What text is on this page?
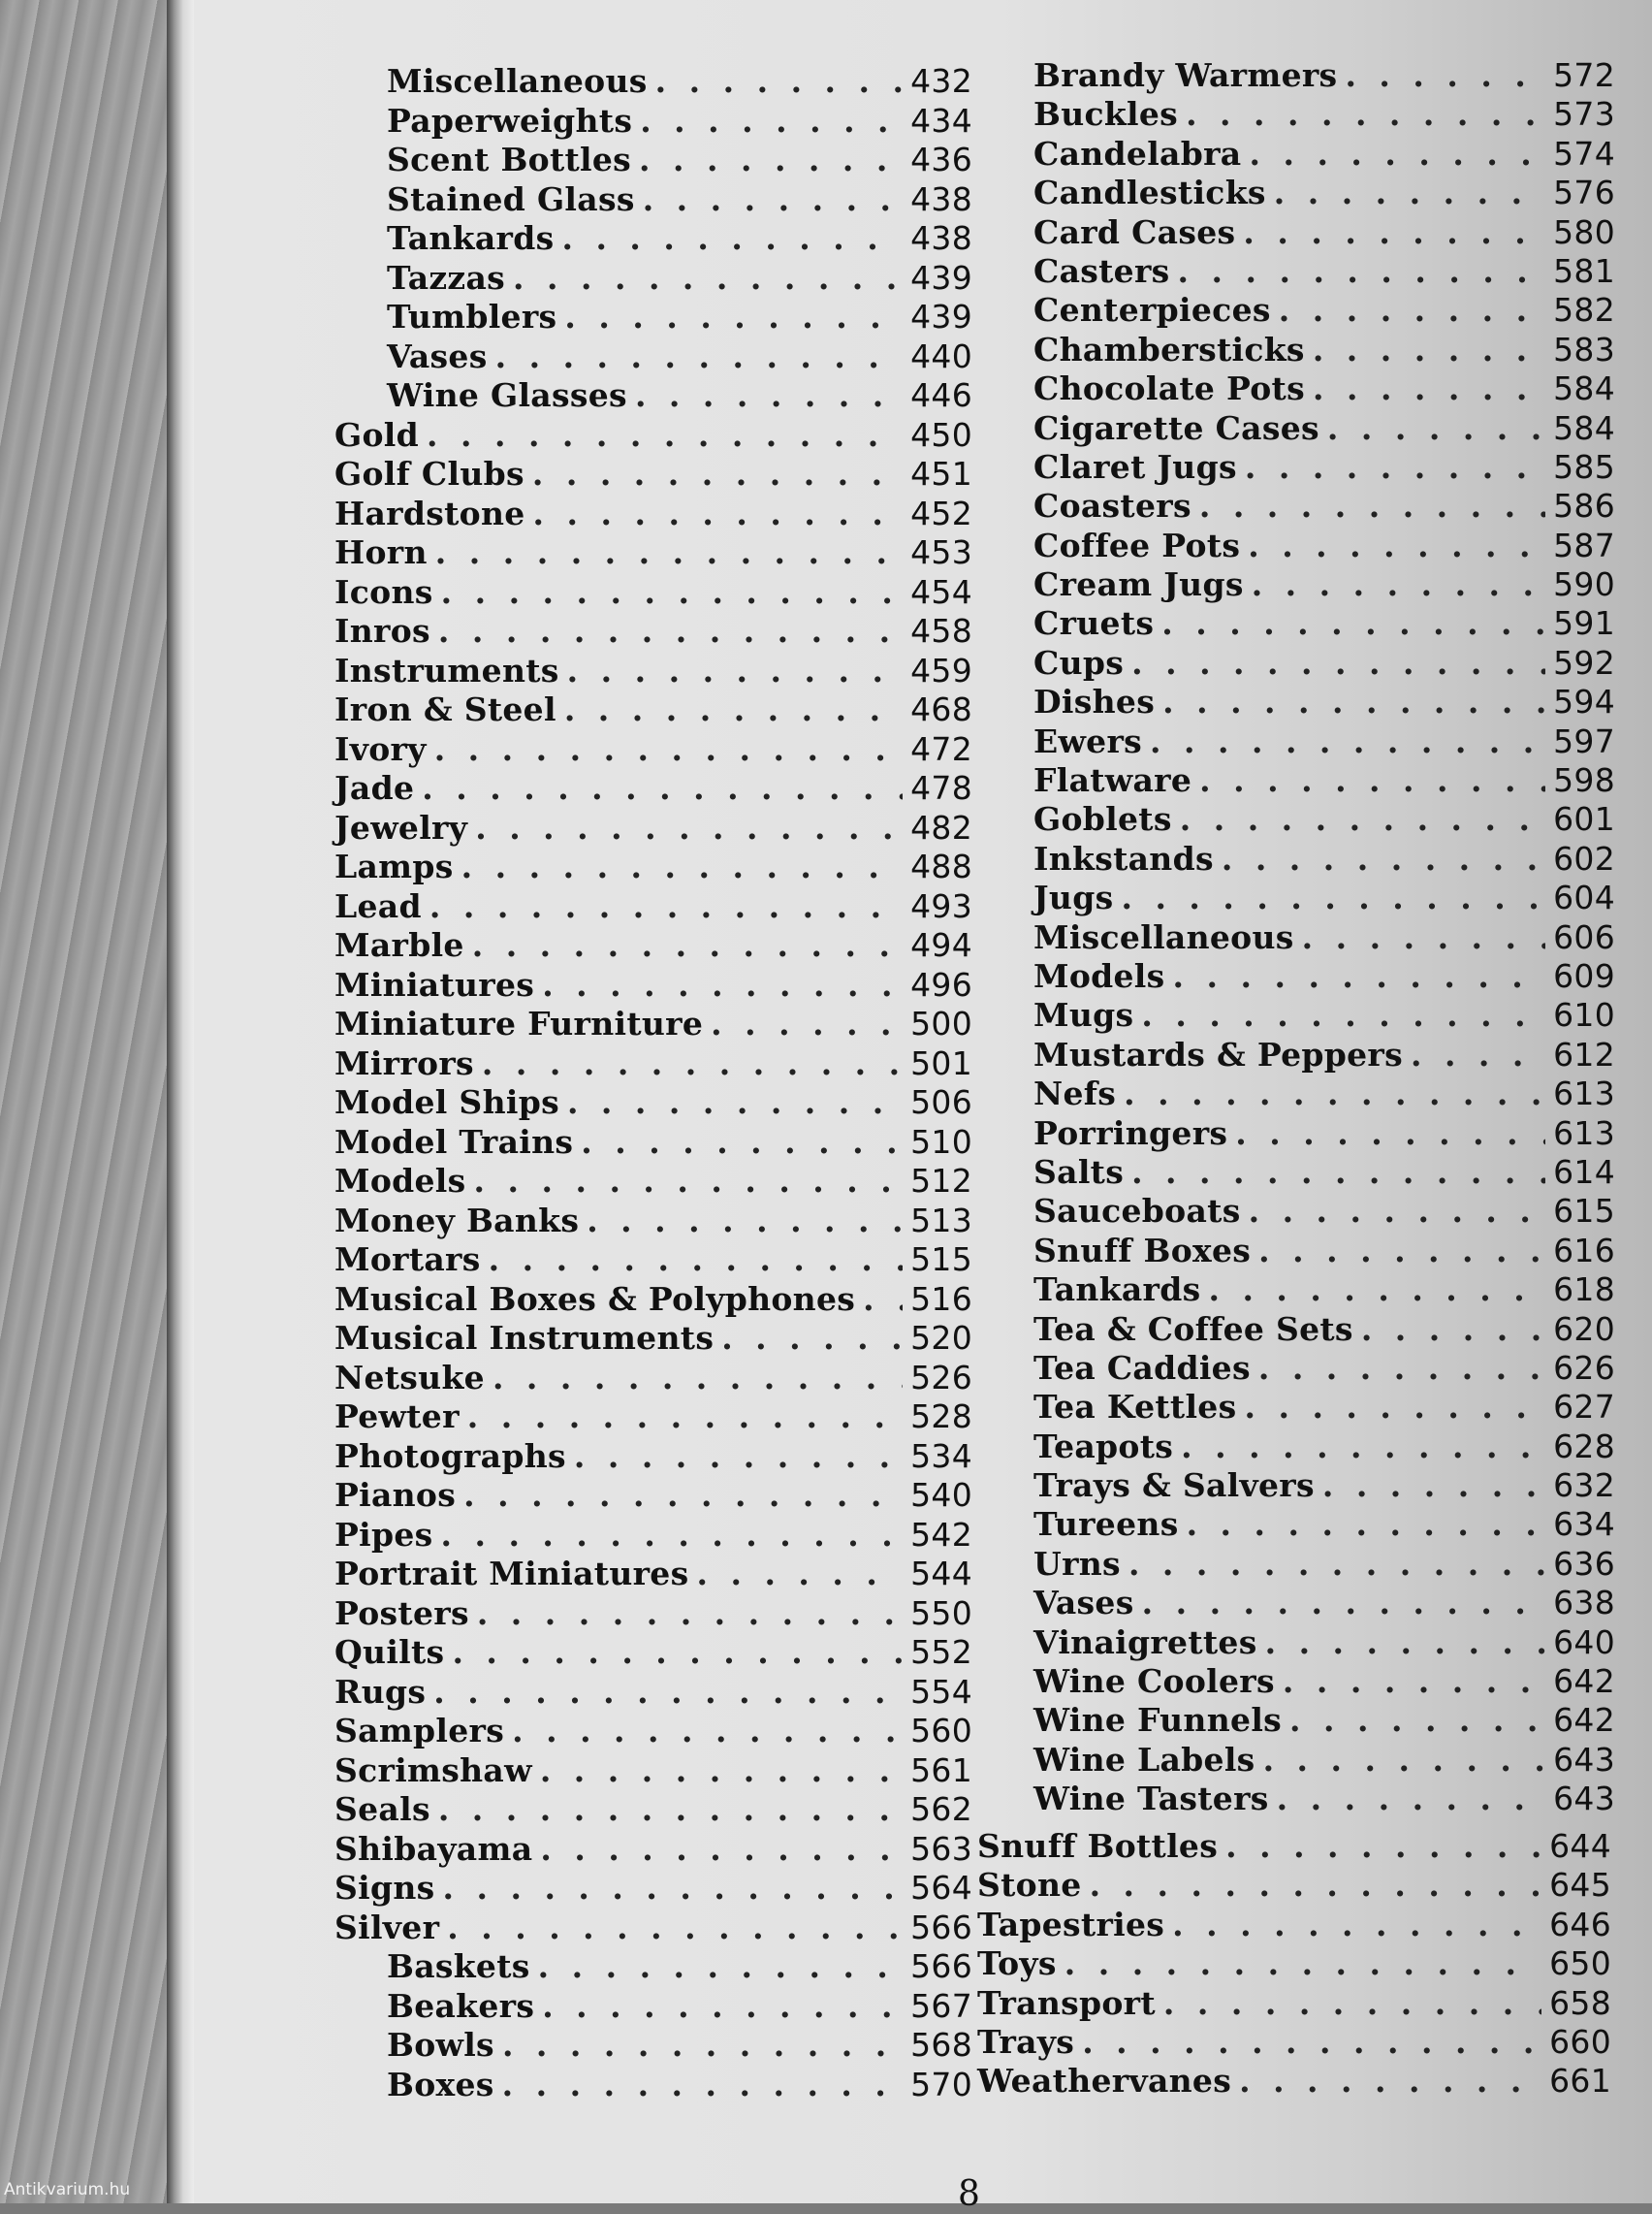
Miscellaneous . . .	432
Paperweights . . .	434
Scent Bottles . . .	436
Stained Glass . . .	438
Tankards . . .	438
Tazzas . . .	439
Tumblers . . .	439
Vases . . .	440
Wine Glasses . . .	446
Gold . . .	450
Golf Clubs . . .	451
Hardstone . . .	452
Horn . . .	453
Icons . . .	454
Inros . . .	458
Instruments . . .	459
Iron & Steel . . .	468
Ivory . . .	472
Jade . . .	478
Jewelry . . .	482
Lamps . . .	488
Lead . . .	493
Marble . . .	494
Miniatures . . .	496
Miniature Furniture . . .	500
Mirrors . . .	501
Model Ships . . .	506
Model Trains . . .	510
Models . . .	512
Money Banks . . .	513
Mortars . . .	515
Musical Boxes & Polyphones . . . 516
Musical Instruments . . .	520
Netsuke . . .	526
Pewter . . .	528
Photographs . . .	534
Pianos . . .	540
Pipes . . .	542
Portrait Miniatures . . .	544
Posters . . .	550
Quilts . . .	552
Rugs . . .	554
Samplers . . .	560
Scrimshaw . . .	561
Seals . . .	562
Shibayama . . .	563
Signs . . .	564
Silver . . .	566
Baskets . . .	566
Beakers . . .	567
Bowls . . .	568
Boxes . . .	570
Brandy Warmers . . .	572
Buckles . . .	573
Candelabra . . .	574
Candlesticks . . .	576
Card Cases . . .	580
Casters . . .	581
Centerpieces . . .	582
Chambersticks . . .	583
Chocolate Pots . . .	584
Cigarette Cases . . .	584
Claret Jugs . . .	585
Coasters . . .	586
Coffee Pots . . .	587
Cream Jugs . . .	590
Cruets . . .	591
Cups . . .	592
Dishes . . .	594
Ewers . . .	597
Flatware . . .	598
Goblets . . .	601
Inkstands . . .	602
Jugs . . .	604
Miscellaneous . . .	606
Models . . .	609
Mugs . . .	610
Mustards & Peppers . . .	612
Nefs . . .	613
Porringers . . .	613
Salts . . .	614
Sauceboats . . .	615
Snuff Boxes . . .	616
Tankards . . .	618
Tea & Coffee Sets . . .	620
Tea Caddies . . .	626
Tea Kettles . . .	627
Teapots . . .	628
Trays & Salvers . . .	632
Tureens . . .	634
Urns . . .	636
Vases . . .	638
Vinaigrettes . . .	640
Wine Coolers . . .	642
Wine Funnels . . .	642
Wine Labels . . .	643
Wine Tasters . . .	643
Snuff Bottles . . .	644
Stone . . .	645
Tapestries . . .	646
Toys . . .	650
Transport . . .	658
Trays . . .	660
Weathervanes . . .	661
8
Antikvarium.hu
